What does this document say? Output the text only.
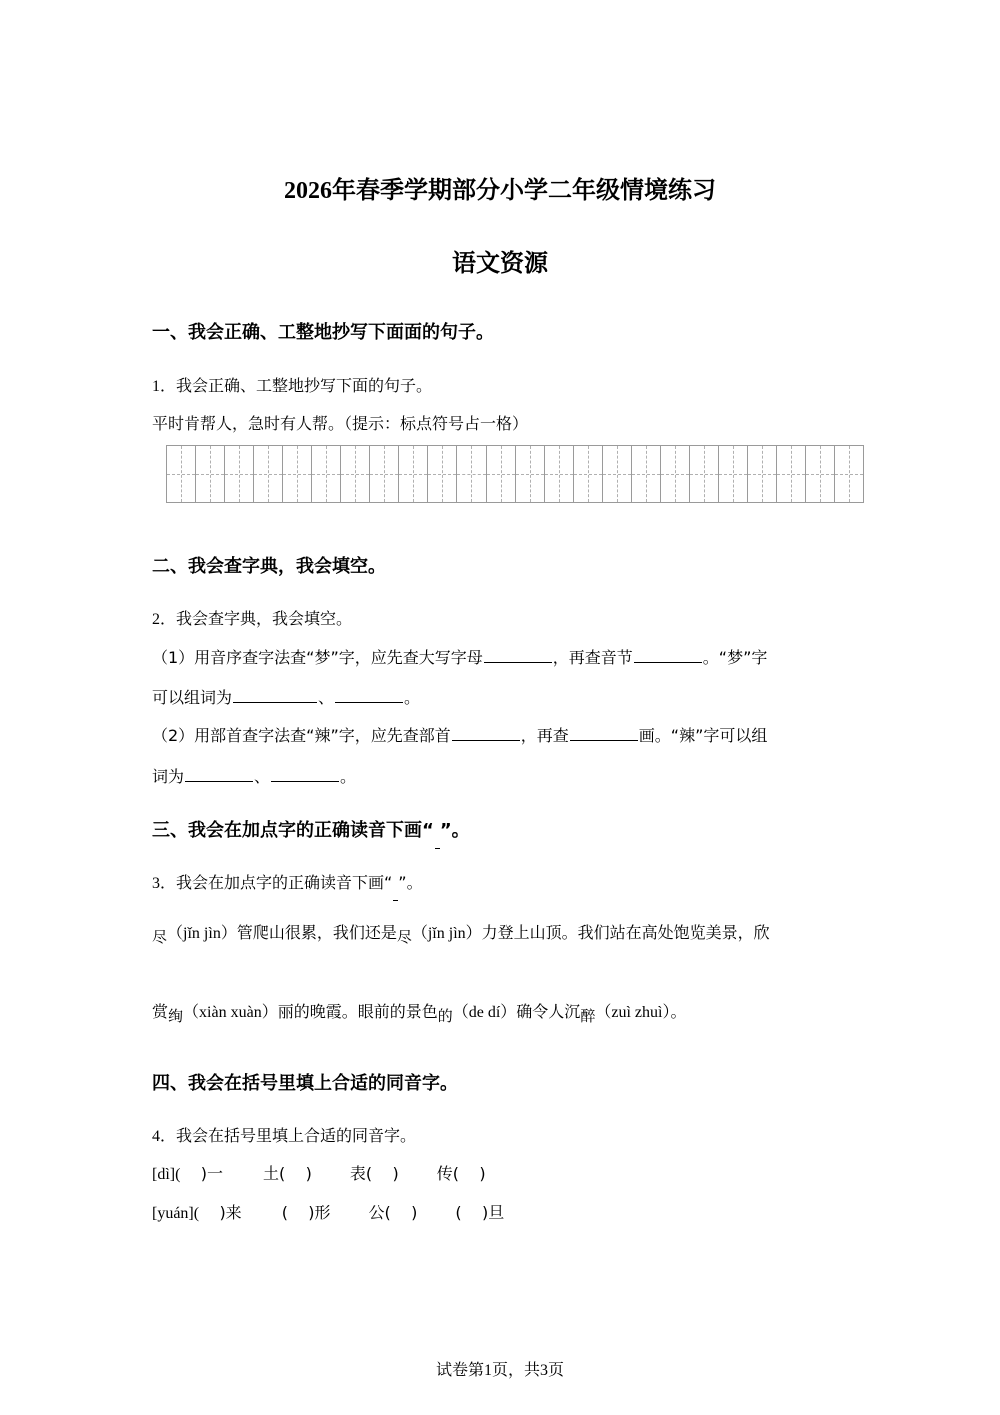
2026年春季学期部分小学二年级情境练习
语文资源
一、我会正确、工整地抄写下面面的句子。
1．我会正确、工整地抄写下面的句子。
平时肯帮人，急时有人帮。（提示：标点符号占一格）
二、我会查字典，我会填空。
2．我会查字典，我会填空。
（1）用音序查字法查“梦”字，应先查大写字母	，再查音节	。“梦”字
可以组词为	、	。
（2）用部首查字法查“辣”字，应先查部首	，再查	画。“辣”字可以组
词为	、	。
三、我会在加点字的正确读音下画“ ”。
3．我会在加点字的正确读音下画“ ”。
尽（jǐn jìn）管爬山很累，我们还是尽（jǐn jìn）力登上山顶。我们站在高处饱览美景，欣
赏绚（xiàn xuàn）丽的晚霞。眼前的景色的（de dí）确令人沉醉（zuì zhuì）。
四、我会在括号里填上合适的同音字。
4．我会在括号里填上合适的同音字。
[dì](    )一	土(    ) 表(    ) 传(    )
[yuán](    )来	(    )形 公(    ) (    )旦
试卷第1页，共3页
